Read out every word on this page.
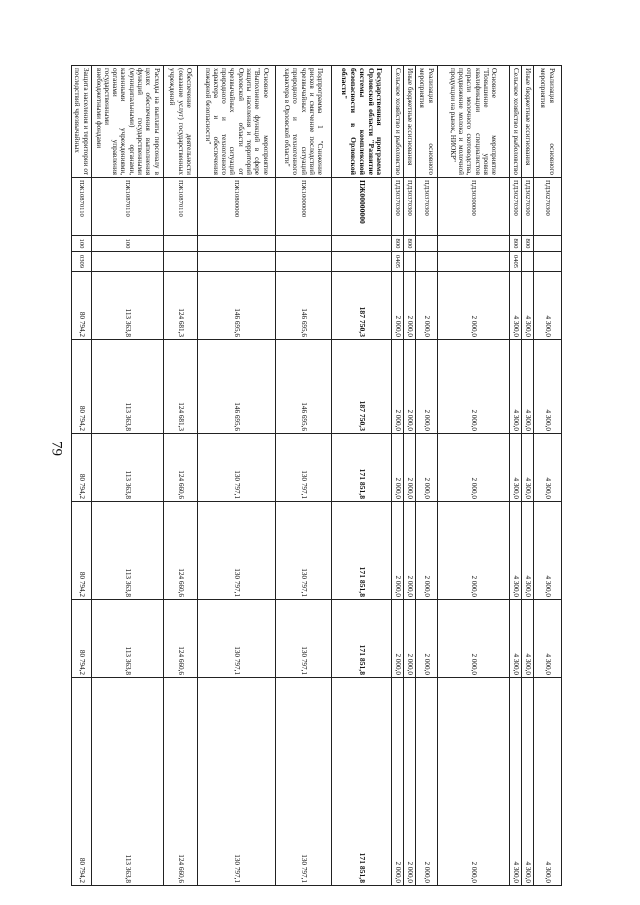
79
Реализация основного мероприятия	ПДЗ0270300			4 300,0	4 300,0	4 300,0	4 300,0	4 300,0	4 300,0
Иные бюджетные ассигнования	ПДЗ0270300	800		4 300,0	4 300,0	4 300,0	4 300,0	4 300,0	4 300,0
Сельское хозяйство и рыболовство	ПДЗ0270300	800	0405	4 300,0	4 300,0	4 300,0	4 300,0	4 300,0	4 300,0
Основное мероприятие "Повышение уровня квалификации специалистов отрасли молочного скотоводства, продвижение молока и молочной продукции на рынок, НИОКР"	ПДЗ0300000			2 000,0	2 000,0	2 000,0	2 000,0	2 000,0	2 000,0
Реализация основного мероприятия	ПДЗ0370300			2 000,0	2 000,0	2 000,0	2 000,0	2 000,0	2 000,0
Иные бюджетные ассигнования	ПДЗ0370300	800		2 000,0	2 000,0	2 000,0	2 000,0	2 000,0	2 000,0
Сельское хозяйство и рыболовство	ПДЗ0370300	800	0405	2 000,0	2 000,0	2 000,0	2 000,0	2 000,0	2 000,0
Государственная программа Орловской области "Развитие системы комплексной безопасности в Орловской области"	ПЖ00000000			187 750,3	187 750,3	171 851,8	171 851,8	171 851,8	171 851,8
Подпрограмма 1 "Снижение рисков и смягчение последствий чрезвычайных ситуаций природного и техногенного характера в Орловской области"	ПЖ10000000			146 695,6	146 695,6	130 797,1	130 797,1	130 797,1	130 797,1
Основное мероприятие "Выполнение функций в сфере защиты населения и территорий Орловской области от чрезвычайных ситуаций природного и техногенного характера и обеспечения пожарной безопасности"	ПЖ10800000			146 695,6	146 695,6	130 797,1	130 797,1	130 797,1	130 797,1
Обеспечение деятельности (оказание услуг) государственных учреждений	ПЖ10870110			124 681,3	124 681,3	124 660,6	124 660,6	124 660,6	124 660,6
Расходы на выплаты персоналу в целях обеспечения выполнения функций государственными (муниципальными) органами, казенными учреждениями, органами управления государственными внебюджетными фондами	ПЖ10870110	100		113 363,8	113 363,8	113 363,8	113 363,8	113 363,8	113 363,8
Защита населения и территории от последствий чрезвычайных	ПЖ10870110	100	0309	80 794,2	80 794,2	80 794,2	80 794,2	80 794,2	80 794,2
